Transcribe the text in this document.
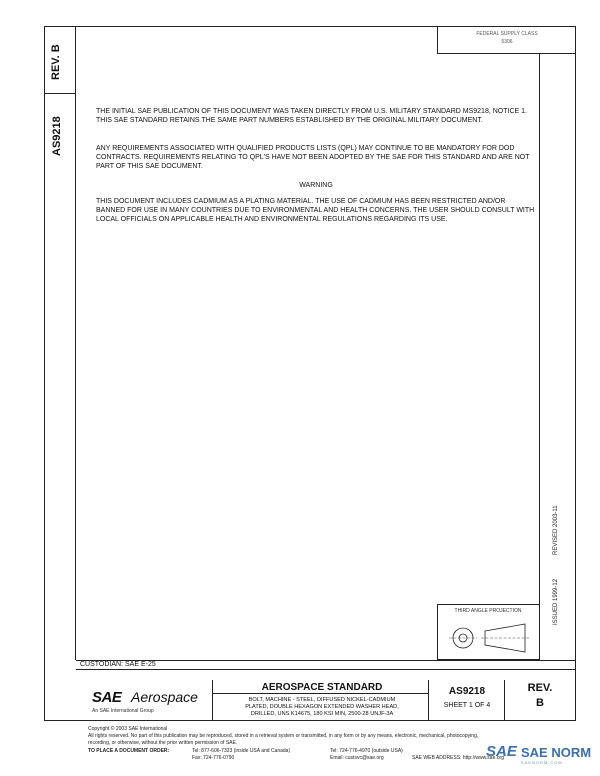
REV. B
AS9218
FEDERAL SUPPLY CLASS
5306
THE INITIAL SAE PUBLICATION OF THIS DOCUMENT WAS TAKEN DIRECTLY FROM U.S. MILITARY STANDARD MS9218, NOTICE 1. THIS SAE STANDARD RETAINS THE SAME PART NUMBERS ESTABLISHED BY THE ORIGINAL MILITARY DOCUMENT.
ANY REQUIREMENTS ASSOCIATED WITH QUALIFIED PRODUCTS LISTS (QPL) MAY CONTINUE TO BE MANDATORY FOR DOD CONTRACTS. REQUIREMENTS RELATING TO QPL'S HAVE NOT BEEN ADOPTED BY THE SAE FOR THIS STANDARD AND ARE NOT PART OF THIS SAE DOCUMENT.
WARNING
THIS DOCUMENT INCLUDES CADMIUM AS A PLATING MATERIAL. THE USE OF CADMIUM HAS BEEN RESTRICTED AND/OR BANNED FOR USE IN MANY COUNTRIES DUE TO ENVIRONMENTAL AND HEALTH CONCERNS. THE USER SHOULD CONSULT WITH LOCAL OFFICIALS ON APPLICABLE HEALTH AND ENVIRONMENTAL REGULATIONS REGARDING ITS USE.
ISSUED 1999-12
REVISED 2003-11
THIRD ANGLE PROJECTION
CUSTODIAN: SAE E-25
SAE Aerospace
An SAE International Group
AEROSPACE STANDARD
BOLT, MACHINE - STEEL, DIFFUSED NICKEL-CADMIUM
PLATED, DOUBLE HEXAGON EXTENDED WASHER HEAD,
DRILLED, UNS K14675, 180 KSI MIN, 2500-28 UNJF-3A
AS9218
SHEET 1 OF 4
REV.
B
Copyright © 2003 SAE International
All rights reserved. No part of this publication may be reproduced, stored in a retrieval system or transmitted, in any form or by any means, electronic, mechanical, photocopying,
recording, or otherwise, without the prior written permission of SAE.
TO PLACE A DOCUMENT ORDER:	Tel: 877-606-7323 (inside USA and Canada)	Tel: 724-776-4970 (outside USA)
Fax: 724-776-0790	Email: custsvc@sae.org	SAE WEB ADDRESS: http://www.sae.org
SAE SAE NORM
SAENORM.COM
